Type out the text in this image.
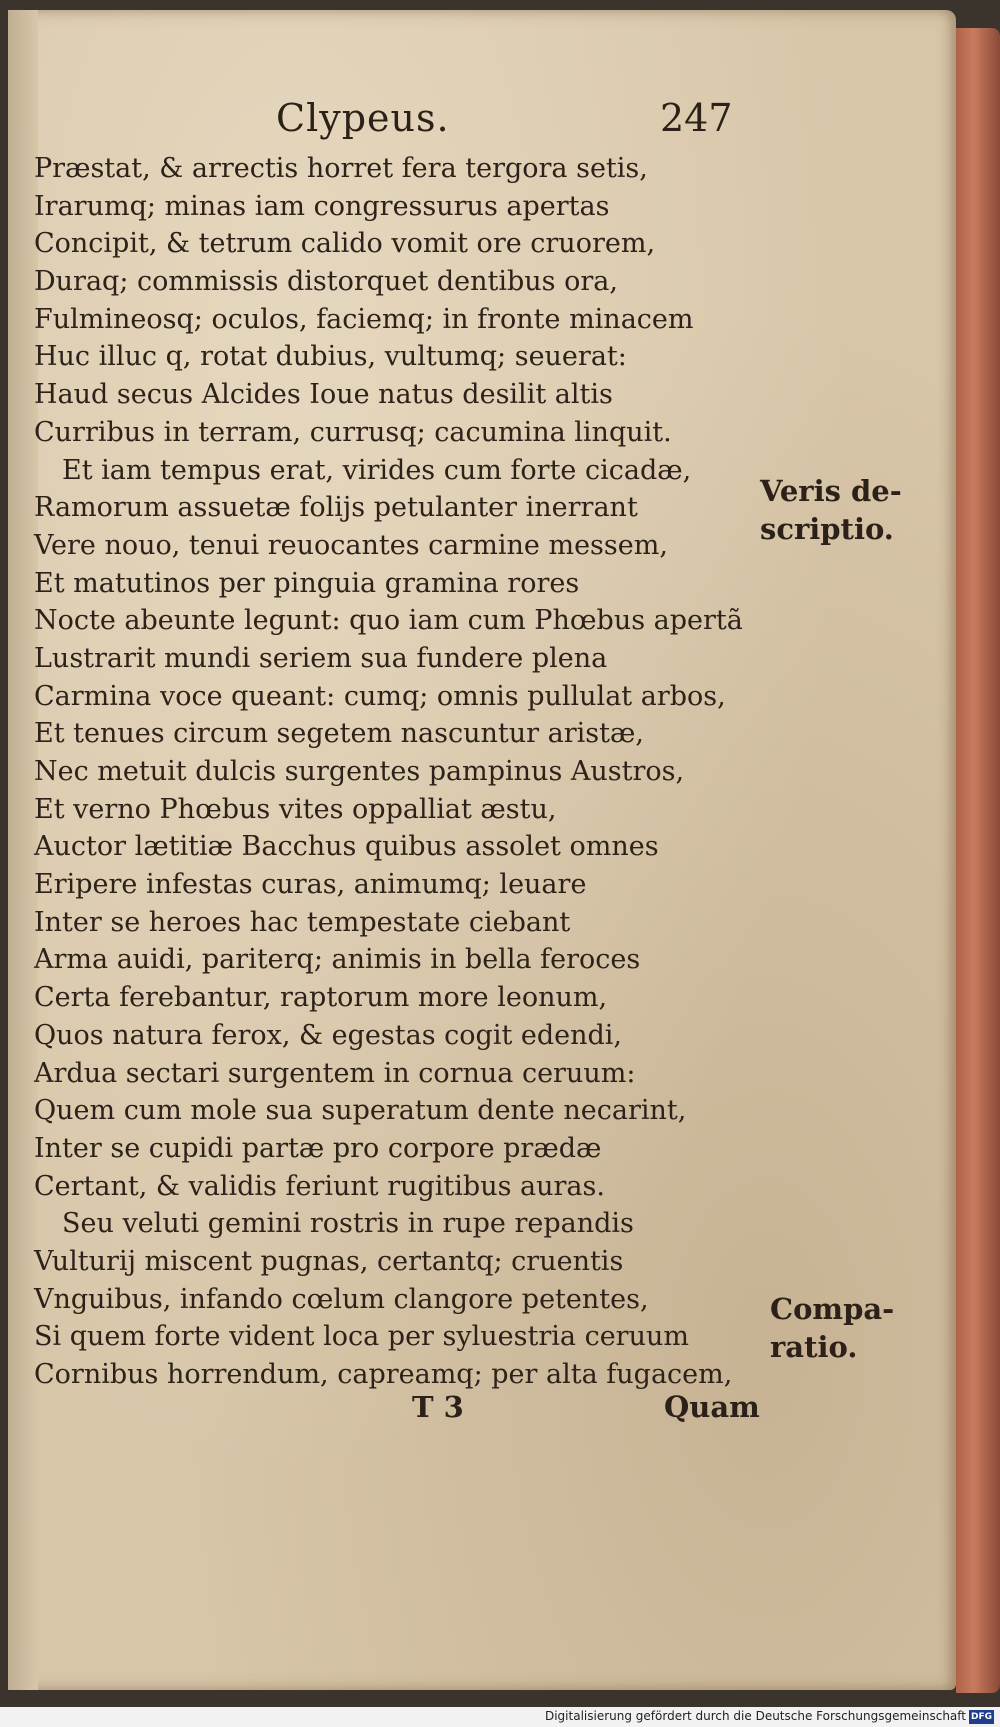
Clypeus.	247
Præstat, & arrectis horret fera tergora setis,
Irarumq; minas iam congressurus apertas
Concipit, & tetrum calido vomit ore cruorem,
Duraq; commissis distorquet dentibus ora,
Fulmineosq; oculos, faciemq; in fronte minacem
Huc illuc q, rotat dubius, vultumq; seuerat:
Haud secus Alcides Ioue natus desilit altis
Curribus in terram, currusq; cacumina linquit.
Et iam tempus erat, virides cum forte cicadæ,
Ramorum assuetæ folijs petulanter inerrant
Vere nouo, tenui reuocantes carmine messem,
Et matutinos per pinguia gramina rores
Nocte abeunte legunt: quo iam cum Phœbus apertã
Lustrarit mundi seriem sua fundere plena
Carmina voce queant: cumq; omnis pullulat arbos,
Et tenues circum segetem nascuntur aristæ,
Nec metuit dulcis surgentes pampinus Austros,
Et verno Phœbus vites oppalliat æstu,
Auctor lætitiæ Bacchus quibus assolet omnes
Eripere infestas curas, animumq; leuare
Inter se heroes hac tempestate ciebant
Arma auidi, pariterq; animis in bella feroces
Certa ferebantur, raptorum more leonum,
Quos natura ferox, & egestas cogit edendi,
Ardua sectari surgentem in cornua ceruum:
Quem cum mole sua superatum dente necarint,
Inter se cupidi partæ pro corpore prædæ
Certant, & validis feriunt rugitibus auras.
Seu veluti gemini rostris in rupe repandis
Vulturij miscent pugnas, certantq; cruentis
Vnguibus, infando cœlum clangore petentes,
Si quem forte vident loca per syluestria ceruum
Cornibus horrendum, capreamq; per alta fugacem,
Veris de-
scriptio.
Compa-
ratio.
T 3	Quam
Digitalisierung gefördert durch die Deutsche Forschungsgemeinschaft DFG
